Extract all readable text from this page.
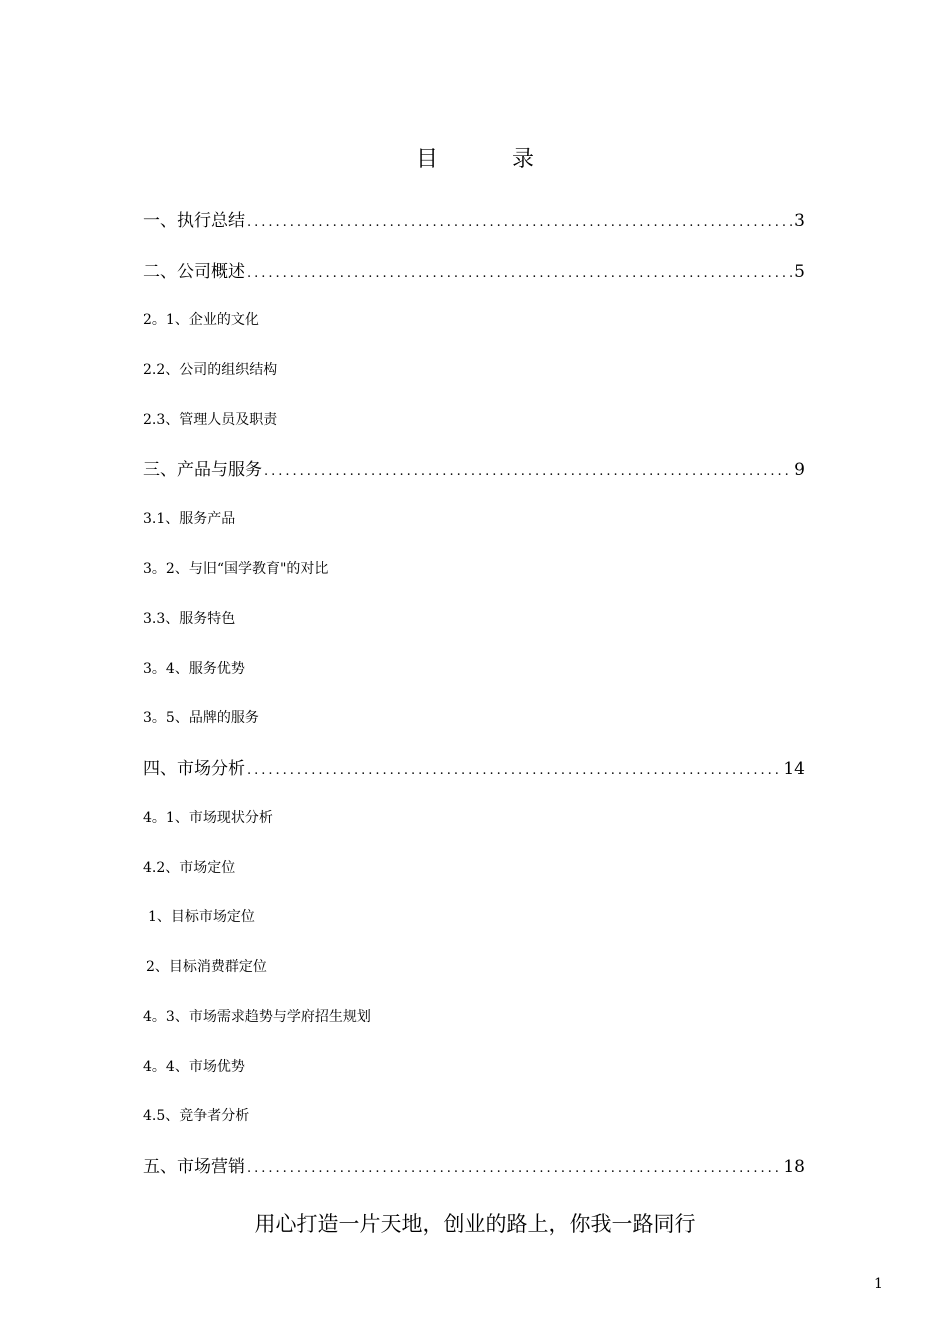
目　录
一、执行总结 .....	3
二、公司概述 .....	5
2。1、企业的文化
2.2、公司的组织结构
2.3、管理人员及职责
三、产品与服务 .....	9
3.1、服务产品
3。2、与旧“国学教育"的对比
3.3、服务特色
3。4、服务优势
3。5、品牌的服务
四、市场分析 .....	14
4。1、市场现状分析
4.2、市场定位
1、目标市场定位
2、目标消费群定位
4。3、市场需求趋势与学府招生规划
4。4、市场优势
4.5、竞争者分析
五、市场营销 .....	18
用心打造一片天地，创业的路上，你我一路同行
1
